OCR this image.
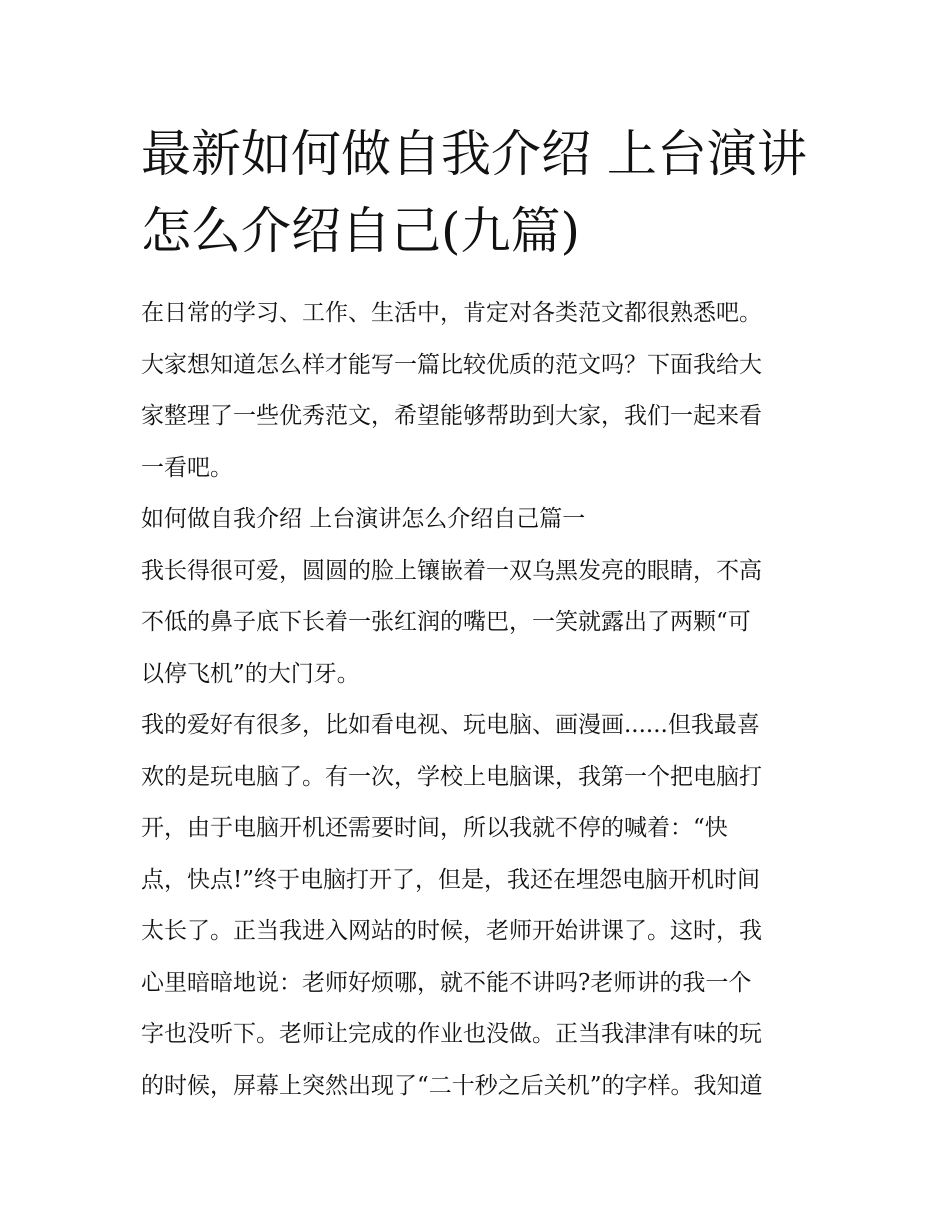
最新如何做自我介绍 上台演讲
怎么介绍自己(九篇)

在日常的学习、工作、生活中，肯定对各类范文都很熟悉吧。

大家想知道怎么样才能写一篇比较优质的范文吗？下面我给大

家整理了一些优秀范文，希望能够帮助到大家，我们一起来看

一看吧。

如何做自我介绍 上台演讲怎么介绍自己篇一

我长得很可爱，圆圆的脸上镶嵌着一双乌黑发亮的眼睛，不高

不低的鼻子底下长着一张红润的嘴巴，一笑就露出了两颗“可

以停飞机”的大门牙。

我的爱好有很多，比如看电视、玩电脑、画漫画......但我最喜

欢的是玩电脑了。有一次，学校上电脑课，我第一个把电脑打

开，由于电脑开机还需要时间，所以我就不停的喊着：“快

点，快点!”终于电脑打开了，但是，我还在埋怨电脑开机时间

太长了。正当我进入网站的时候，老师开始讲课了。这时，我

心里暗暗地说：老师好烦哪，就不能不讲吗?老师讲的我一个

字也没听下。老师让完成的作业也没做。正当我津津有味的玩

的时候，屏幕上突然出现了“二十秒之后关机”的字样。我知道
